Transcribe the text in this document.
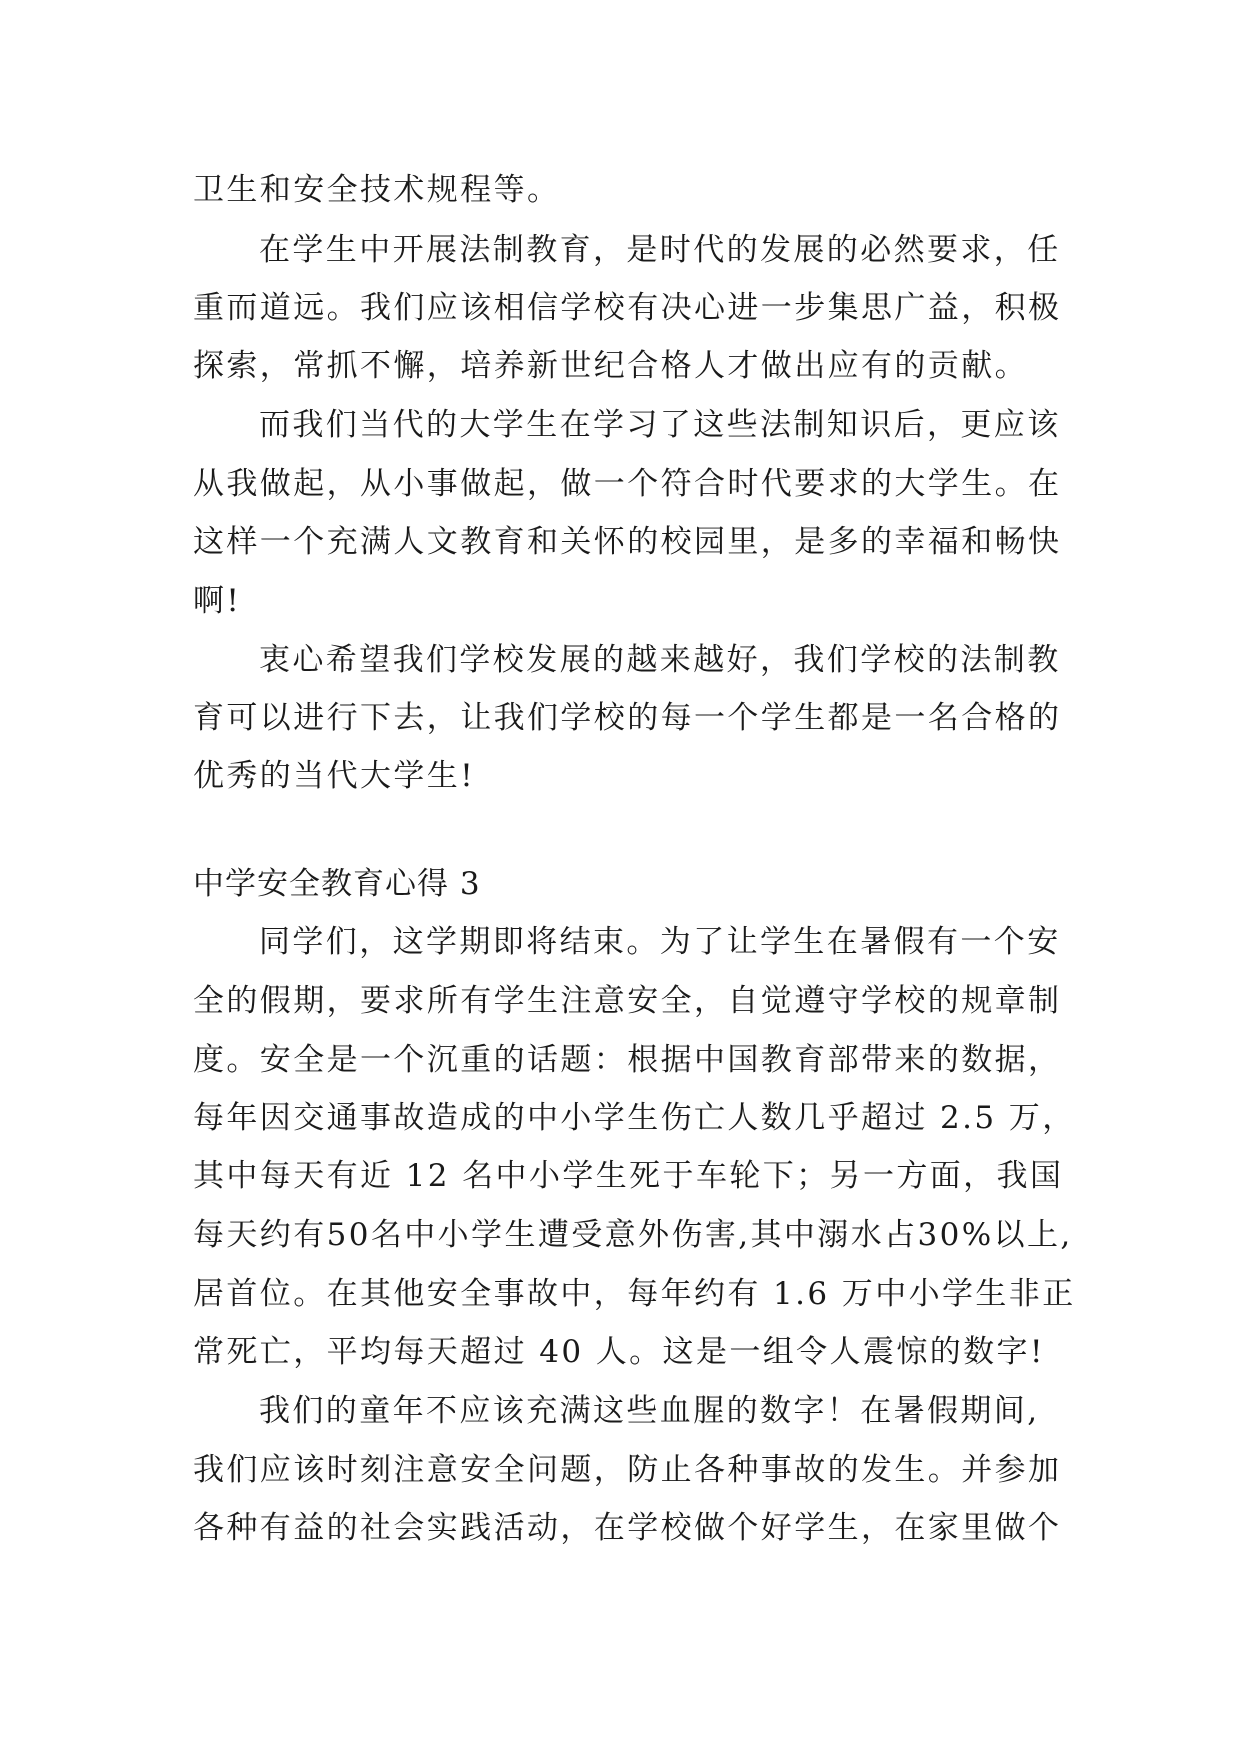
卫生和安全技术规程等。
在学生中开展法制教育，是时代的发展的必然要求，任
重而道远。我们应该相信学校有决心进一步集思广益，积极
探索，常抓不懈，培养新世纪合格人才做出应有的贡献。
而我们当代的大学生在学习了这些法制知识后，更应该
从我做起，从小事做起，做一个符合时代要求的大学生。在
这样一个充满人文教育和关怀的校园里，是多的幸福和畅快
啊!
衷心希望我们学校发展的越来越好，我们学校的法制教
育可以进行下去，让我们学校的每一个学生都是一名合格的
优秀的当代大学生!
中学安全教育心得 3
同学们，这学期即将结束。为了让学生在暑假有一个安
全的假期，要求所有学生注意安全，自觉遵守学校的规章制
度。安全是一个沉重的话题：根据中国教育部带来的数据，
每年因交通事故造成的中小学生伤亡人数几乎超过 2.5 万，
其中每天有近 12 名中小学生死于车轮下；另一方面，我国
每天约有50名中小学生遭受意外伤害,其中溺水占30%以上,
居首位。在其他安全事故中，每年约有 1.6 万中小学生非正
常死亡，平均每天超过 40 人。这是一组令人震惊的数字!
我们的童年不应该充满这些血腥的数字！在暑假期间,
我们应该时刻注意安全问题，防止各种事故的发生。并参加
各种有益的社会实践活动，在学校做个好学生，在家里做个
